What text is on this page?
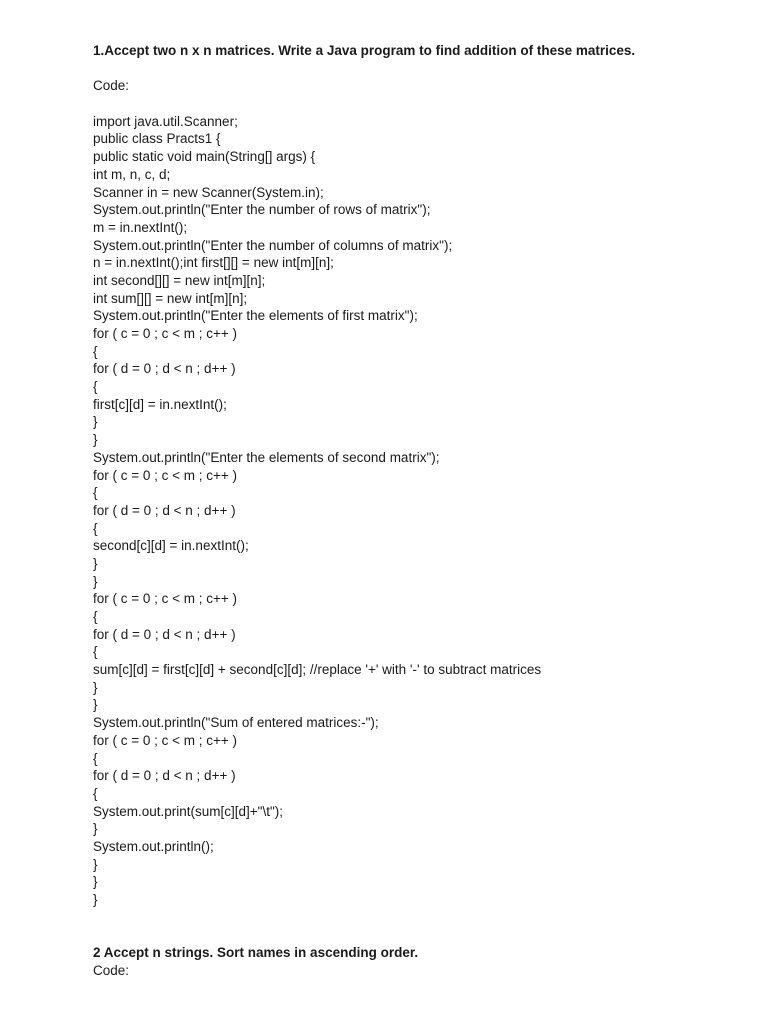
1.Accept two n x n matrices. Write a Java program to find addition of these matrices.
Code:
import java.util.Scanner;
public class Practs1 {
public static void main(String[] args) {
int m, n, c, d;
Scanner in = new Scanner(System.in);
System.out.println("Enter the number of rows of matrix");
m = in.nextInt();
System.out.println("Enter the number of columns of matrix");
n = in.nextInt();int first[][] = new int[m][n];
int second[][] = new int[m][n];
int sum[][] = new int[m][n];
System.out.println("Enter the elements of first matrix");
for ( c = 0 ; c < m ; c++ )
{
for ( d = 0 ; d < n ; d++ )
{
first[c][d] = in.nextInt();
}
}
System.out.println("Enter the elements of second matrix");
for ( c = 0 ; c < m ; c++ )
{
for ( d = 0 ; d < n ; d++ )
{
second[c][d] = in.nextInt();
}
}
for ( c = 0 ; c < m ; c++ )
{
for ( d = 0 ; d < n ; d++ )
{
sum[c][d] = first[c][d] + second[c][d]; //replace '+' with '-' to subtract matrices
}
}
System.out.println("Sum of entered matrices:-");
for ( c = 0 ; c < m ; c++ )
{
for ( d = 0 ; d < n ; d++ )
{
System.out.print(sum[c][d]+"\t");
}
System.out.println();
}
}
}
2 Accept n strings. Sort names in ascending order.
Code:
